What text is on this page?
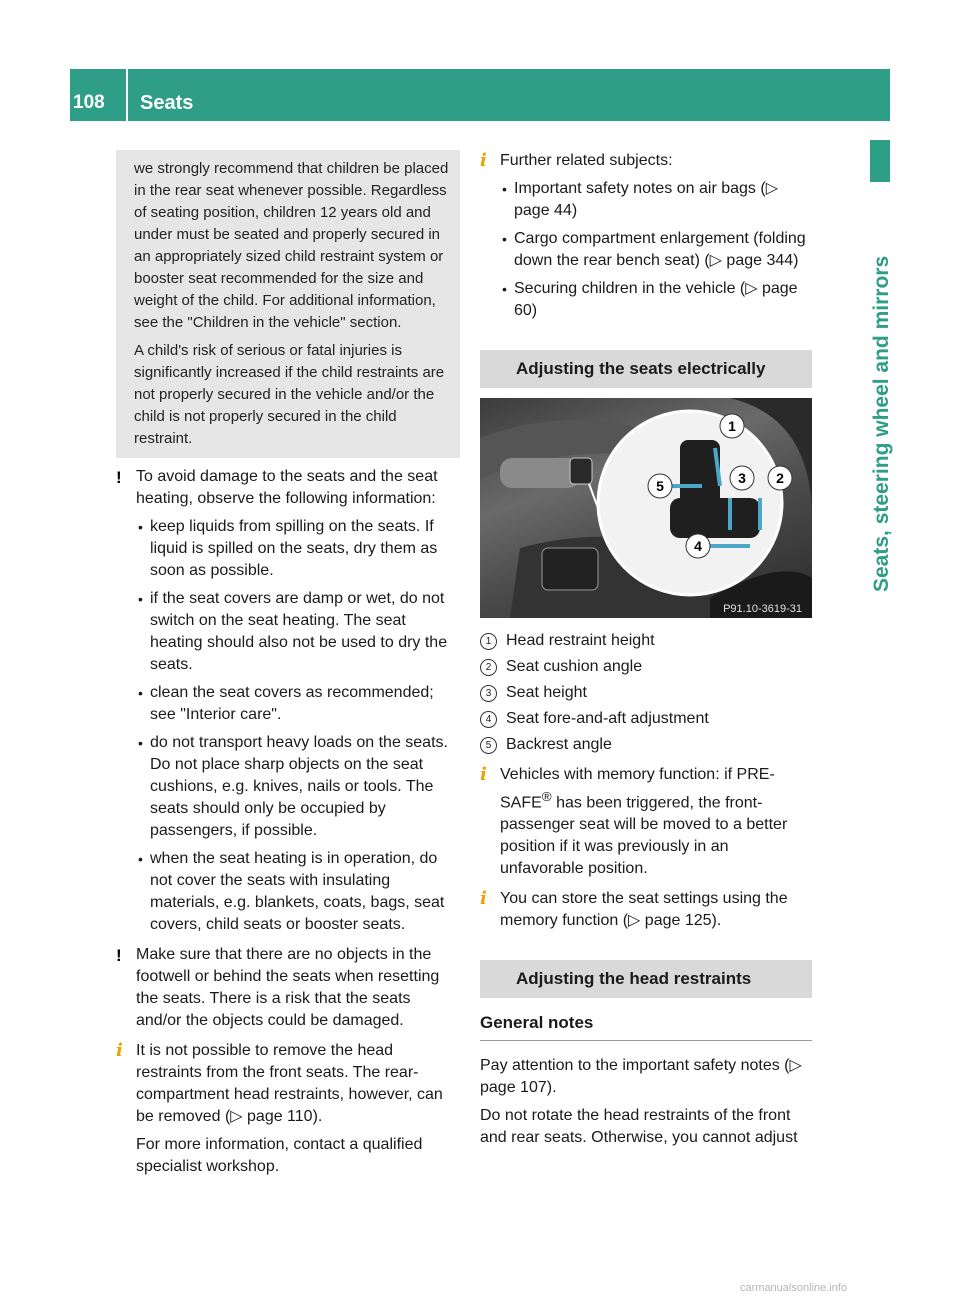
108 Seats
Seats, steering wheel and mirrors

we strongly recommend that children be placed in the rear seat whenever possible. Regardless of seating position, children 12 years old and under must be seated and properly secured in an appropriately sized child restraint system or booster seat recommended for the size and weight of the child. For additional information, see the "Children in the vehicle" section.

A child's risk of serious or fatal injuries is significantly increased if the child restraints are not properly secured in the vehicle and/or the child is not properly secured in the child restraint.

! To avoid damage to the seats and the seat heating, observe the following information:

• keep liquids from spilling on the seats. If liquid is spilled on the seats, dry them as soon as possible.
• if the seat covers are damp or wet, do not switch on the seat heating. The seat heating should also not be used to dry the seats.
• clean the seat covers as recommended; see "Interior care".
• do not transport heavy loads on the seats. Do not place sharp objects on the seat cushions, e.g. knives, nails or tools. The seats should only be occupied by passengers, if possible.
• when the seat heating is in operation, do not cover the seats with insulating materials, e.g. blankets, coats, bags, seat covers, child seats or booster seats.
! Make sure that there are no objects in the footwell or behind the seats when resetting the seats. There is a risk that the seats and/or the objects could be damaged.

i It is not possible to remove the head restraints from the front seats. The rear-compartment head restraints, however, can be removed (▷ page 110).

For more information, contact a qualified specialist workshop.

i Further related subjects:

• Important safety notes on air bags (▷ page 44)
• Cargo compartment enlargement (folding down the rear bench seat) (▷ page 344)
• Securing children in the vehicle (▷ page 60)
Adjusting the seats electrically
1
2
3
4
5
P91.10-3619-31
1 Head restraint height
2 Seat cushion angle
3 Seat height
4 Seat fore-and-aft adjustment
5 Backrest angle
i Vehicles with memory function: if PRE-SAFE® has been triggered, the front-passenger seat will be moved to a better position if it was previously in an unfavorable position.

i You can store the seat settings using the memory function (▷ page 125).

Adjusting the head restraints
General notes

Pay attention to the important safety notes (▷ page 107).

Do not rotate the head restraints of the front and rear seats. Otherwise, you cannot adjust

carmanualsonline.info
